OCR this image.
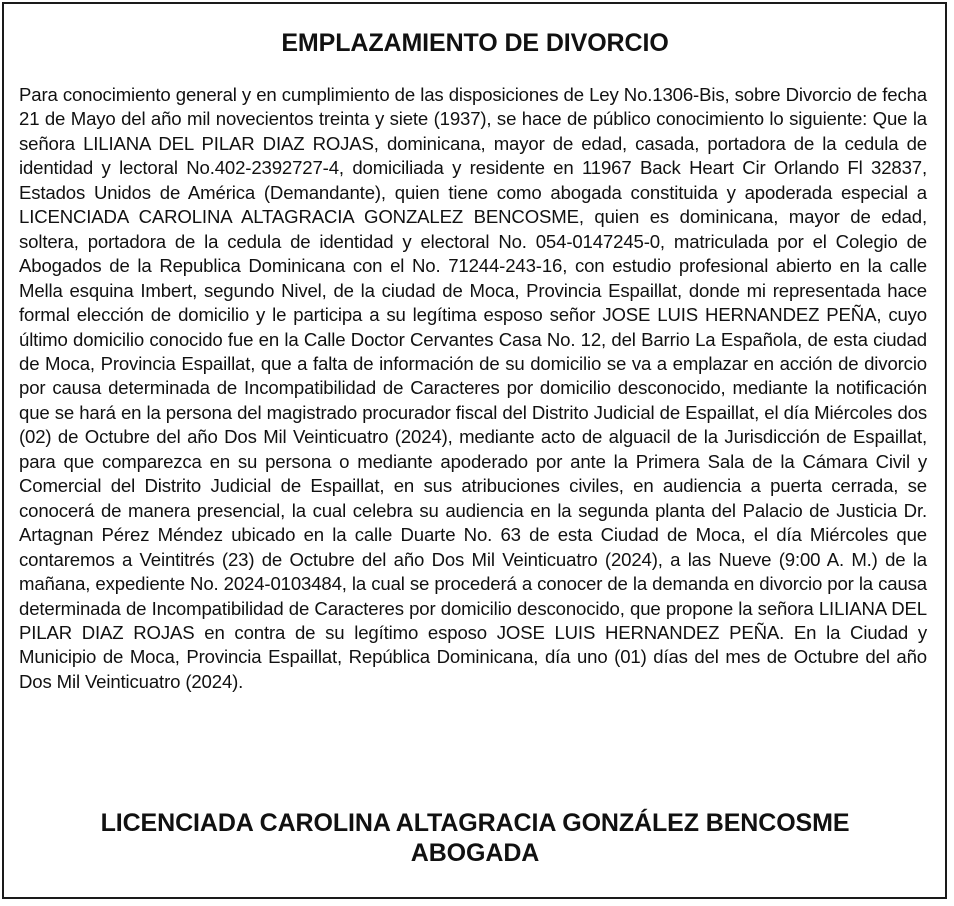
EMPLAZAMIENTO DE DIVORCIO

Para conocimiento general y en cumplimiento de las disposiciones de Ley No.1306-Bis, sobre Divorcio de fecha 21 de Mayo del año mil novecientos treinta y siete (1937), se hace de público conocimiento lo siguiente: Que la señora LILIANA DEL PILAR DIAZ ROJAS, dominicana, mayor de edad, casada, portadora de la cedula de identidad y lectoral No.402-2392727-4, domiciliada y residente en 11967 Back Heart Cir Orlando Fl 32837, Estados Unidos de América (Demandante), quien tiene como abogada constituida y apoderada especial a LICENCIADA CAROLINA ALTAGRACIA GONZALEZ BENCOSME, quien es dominicana, mayor de edad, soltera, portadora de la cedula de identidad y electoral No. 054-0147245-0, matriculada por el Colegio de Abogados de la Republica Dominicana con el No. 71244-243-16, con estudio profesional abierto en la calle Mella esquina Imbert, segundo Nivel, de la ciudad de Moca, Provincia Espaillat, donde mi representada hace formal elección de domicilio y le participa a su legítima esposo señor JOSE LUIS HERNANDEZ PEÑA, cuyo último domicilio conocido fue en la Calle Doctor Cervantes Casa No. 12, del Barrio La Española, de esta ciudad de Moca, Provincia Espaillat, que a falta de información de su domicilio se va a emplazar en acción de divorcio por causa determinada de Incompatibilidad de Caracteres por domicilio desconocido, mediante la notificación que se hará en la persona del magistrado procurador fiscal del Distrito Judicial de Espaillat, el día Miércoles dos (02) de Octubre del año Dos Mil Veinticuatro (2024), mediante acto de alguacil de la Jurisdicción de Espaillat, para que comparezca en su persona o mediante apoderado por ante la Primera Sala de la Cámara Civil y Comercial del Distrito Judicial de Espaillat, en sus atribuciones civiles, en audiencia a puerta cerrada, se conocerá de manera presencial, la cual celebra su audiencia en la segunda planta del Palacio de Justicia Dr. Artagnan Pérez Méndez ubicado en la calle Duarte No. 63 de esta Ciudad de Moca, el día Miércoles que contaremos a Veintitrés (23) de Octubre del año Dos Mil Veinticuatro (2024), a las Nueve (9:00 A. M.) de la mañana, expediente No. 2024-0103484, la cual se procederá a conocer de la demanda en divorcio por la causa determinada de Incompatibilidad de Caracteres por domicilio desconocido, que propone la señora LILIANA DEL PILAR DIAZ ROJAS en contra de su legítimo esposo JOSE LUIS HERNANDEZ PEÑA. En la Ciudad y Municipio de Moca, Provincia Espaillat, República Dominicana, día uno (01) días del mes de Octubre del año Dos Mil Veinticuatro (2024).

LICENCIADA CAROLINA ALTAGRACIA GONZÁLEZ BENCOSME
ABOGADA
